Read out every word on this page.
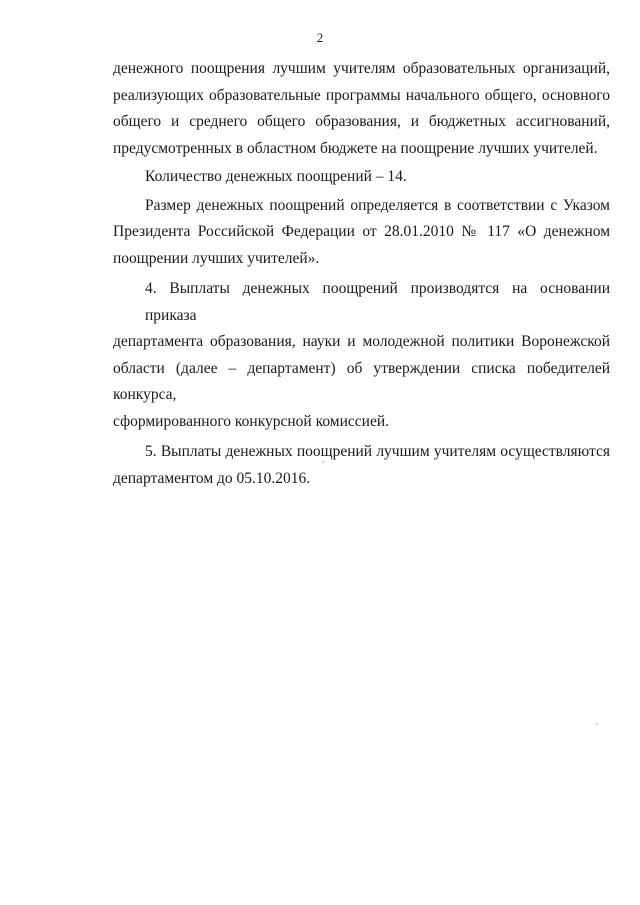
2
денежного поощрения лучшим учителям образовательных организаций,
реализующих образовательные программы начального общего, основного
общего и среднего общего образования, и бюджетных ассигнований,
предусмотренных в областном бюджете на поощрение лучших учителей.
Количество денежных поощрений – 14.
Размер денежных поощрений определяется в соответствии с Указом
Президента Российской Федерации от 28.01.2010 № 117 «О денежном
поощрении лучших учителей».
4. Выплаты денежных поощрений производятся на основании приказа
департамента образования, науки и молодежной политики Воронежской
области (далее – департамент) об утверждении списка победителей конкурса,
сформированного конкурсной комиссией.
5. Выплаты денежных поощрений лучшим учителям осуществляются
департаментом до 05.10.2016.
